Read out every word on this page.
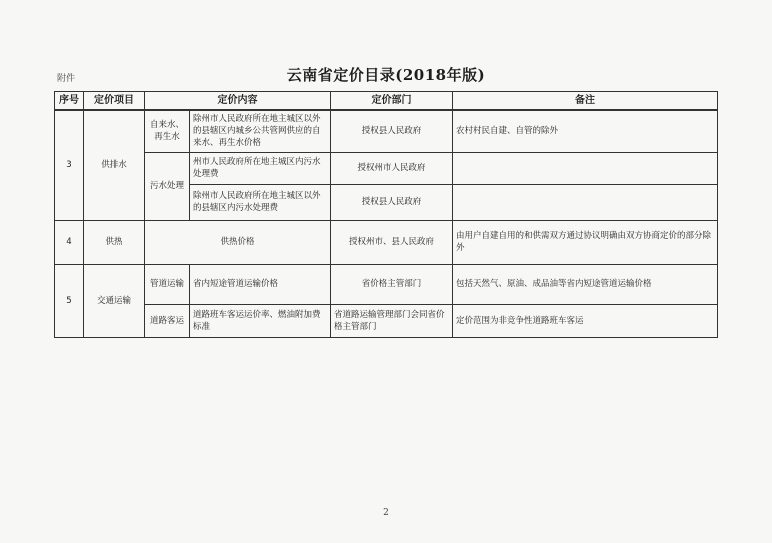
附件	云南省定价目录(2018年版)
序号	定价项目	定价内容		定价部门	备注
3	供排水	自来水、再生水	除州市人民政府所在地主城区以外的县辖区内城乡公共管网供应的自来水、再生水价格	授权县人民政府	农村村民自建、自管的除外
		污水处理	州市人民政府所在地主城区内污水处理费	授权州市人民政府	
			除州市人民政府所在地主城区以外的县辖区内污水处理费	授权县人民政府	
4	供热	供热价格		授权州市、县人民政府	由用户自建自用的和供需双方通过协议明确由双方协商定价的部分除外
5	交通运输	管道运输	省内短途管道运输价格	省价格主管部门	包括天然气、原油、成品油等省内短途管道运输价格
		道路客运	道路班车客运运价率、燃油附加费标准	省道路运输管理部门会同省价格主管部门	定价范围为非竞争性道路班车客运
2
